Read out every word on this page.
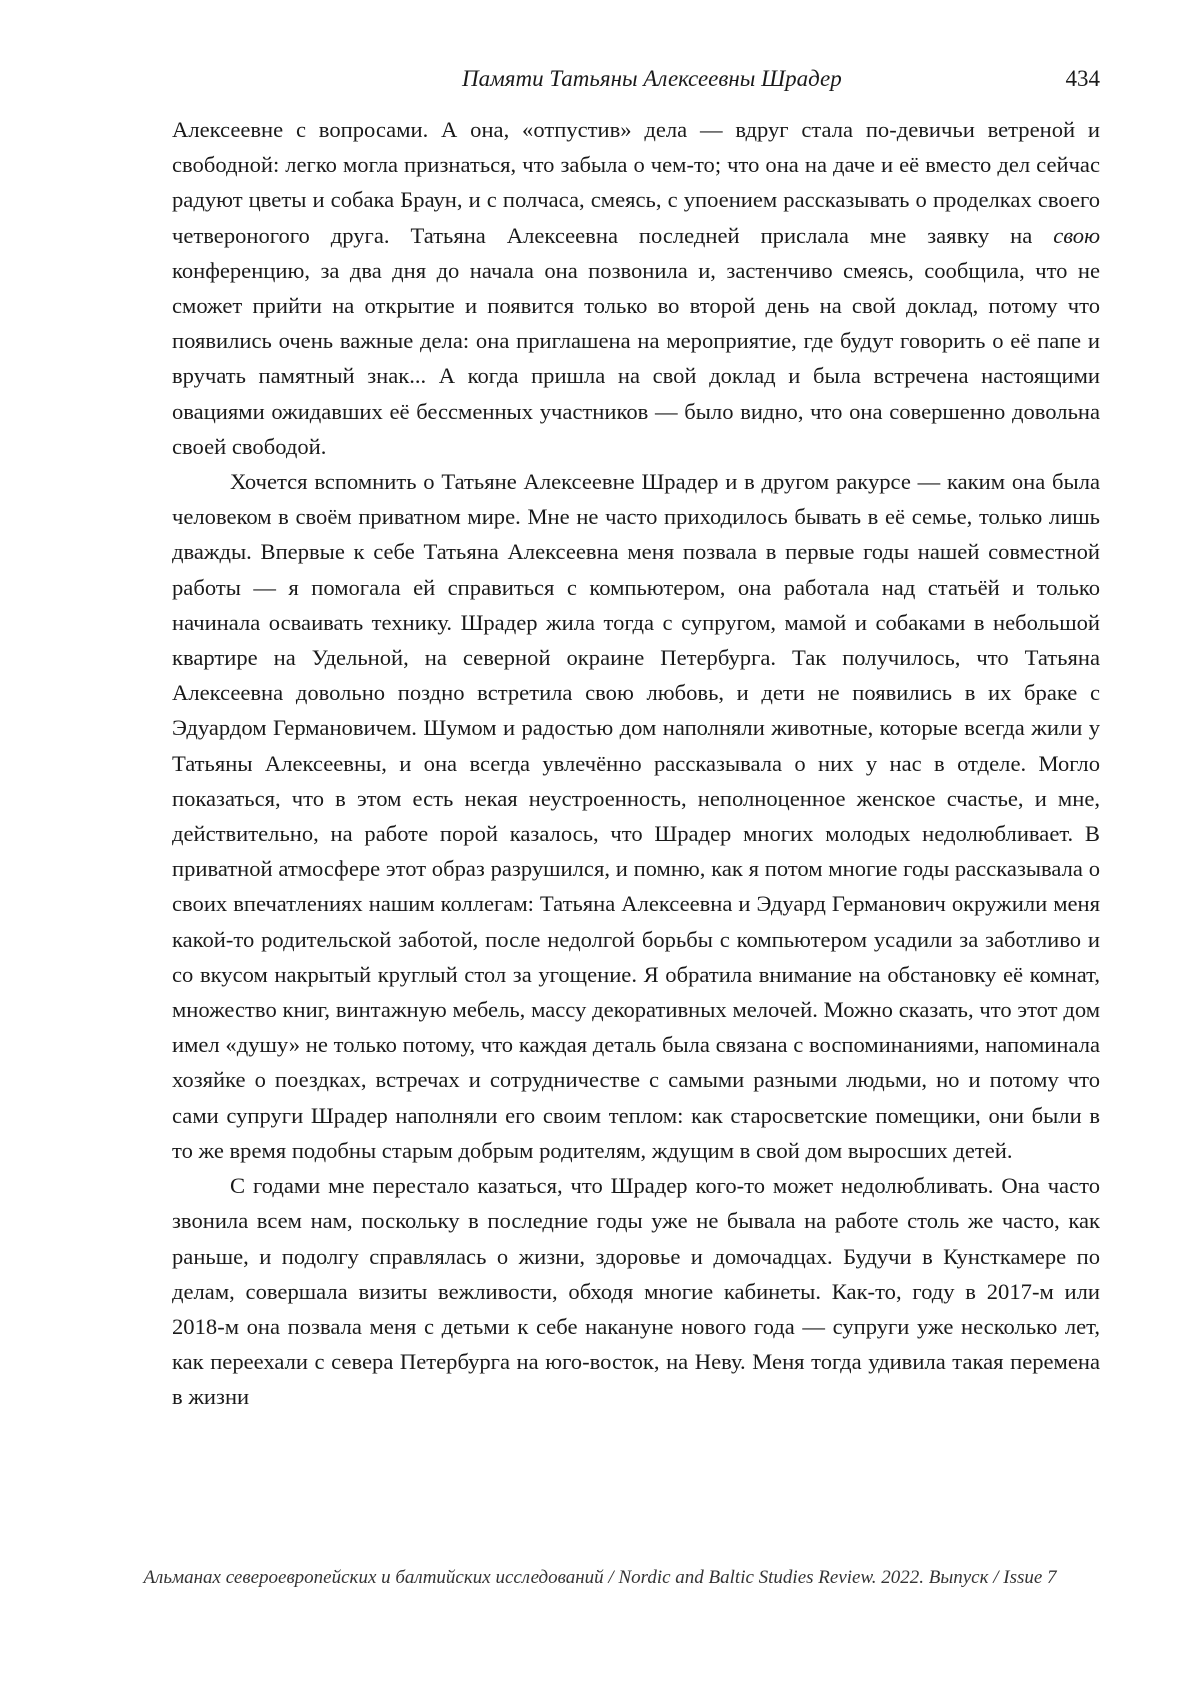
Памяти Татьяны Алексеевны Шрадер	434

Алексеевне с вопросами. А она, «отпустив» дела — вдруг стала по-девичьи ветреной и свободной: легко могла признаться, что забыла о чем-то; что она на даче и её вместо дел сейчас радуют цветы и собака Браун, и с полчаса, смеясь, с упоением рассказывать о проделках своего четвероногого друга. Татьяна Алексеевна последней прислала мне заявку на свою конференцию, за два дня до начала она позвонила и, застенчиво смеясь, сообщила, что не сможет прийти на открытие и появится только во второй день на свой доклад, потому что появились очень важные дела: она приглашена на мероприятие, где будут говорить о её папе и вручать памятный знак... А когда пришла на свой доклад и была встречена настоящими овациями ожидавших её бессменных участников — было видно, что она совершенно довольна своей свободой.

Хочется вспомнить о Татьяне Алексеевне Шрадер и в другом ракурсе — каким она была человеком в своём приватном мире. Мне не часто приходилось бывать в её семье, только лишь дважды. Впервые к себе Татьяна Алексеевна меня позвала в первые годы нашей совместной работы — я помогала ей справиться с компьютером, она работала над статьёй и только начинала осваивать технику. Шрадер жила тогда с супругом, мамой и собаками в небольшой квартире на Удельной, на северной окраине Петербурга. Так получилось, что Татьяна Алексеевна довольно поздно встретила свою любовь, и дети не появились в их браке с Эдуардом Германовичем. Шумом и радостью дом наполняли животные, которые всегда жили у Татьяны Алексеевны, и она всегда увлечённо рассказывала о них у нас в отделе. Могло показаться, что в этом есть некая неустроенность, неполноценное женское счастье, и мне, действительно, на работе порой казалось, что Шрадер многих молодых недолюбливает. В приватной атмосфере этот образ разрушился, и помню, как я потом многие годы рассказывала о своих впечатлениях нашим коллегам: Татьяна Алексеевна и Эдуард Германович окружили меня какой-то родительской заботой, после недолгой борьбы с компьютером усадили за заботливо и со вкусом накрытый круглый стол за угощение. Я обратила внимание на обстановку её комнат, множество книг, винтажную мебель, массу декоративных мелочей. Можно сказать, что этот дом имел «душу» не только потому, что каждая деталь была связана с воспоминаниями, напоминала хозяйке о поездках, встречах и сотрудничестве с самыми разными людьми, но и потому что сами супруги Шрадер наполняли его своим теплом: как старосветские помещики, они были в то же время подобны старым добрым родителям, ждущим в свой дом выросших детей.

С годами мне перестало казаться, что Шрадер кого-то может недолюбливать. Она часто звонила всем нам, поскольку в последние годы уже не бывала на работе столь же часто, как раньше, и подолгу справлялась о жизни, здоровье и домочадцах. Будучи в Кунсткамере по делам, совершала визиты вежливости, обходя многие кабинеты. Как-то, году в 2017-м или 2018-м она позвала меня с детьми к себе накануне нового года — супруги уже несколько лет, как переехали с севера Петербурга на юго-восток, на Неву. Меня тогда удивила такая перемена в жизни

Альманах североевропейских и балтийских исследований / Nordic and Baltic Studies Review. 2022. Выпуск / Issue 7
